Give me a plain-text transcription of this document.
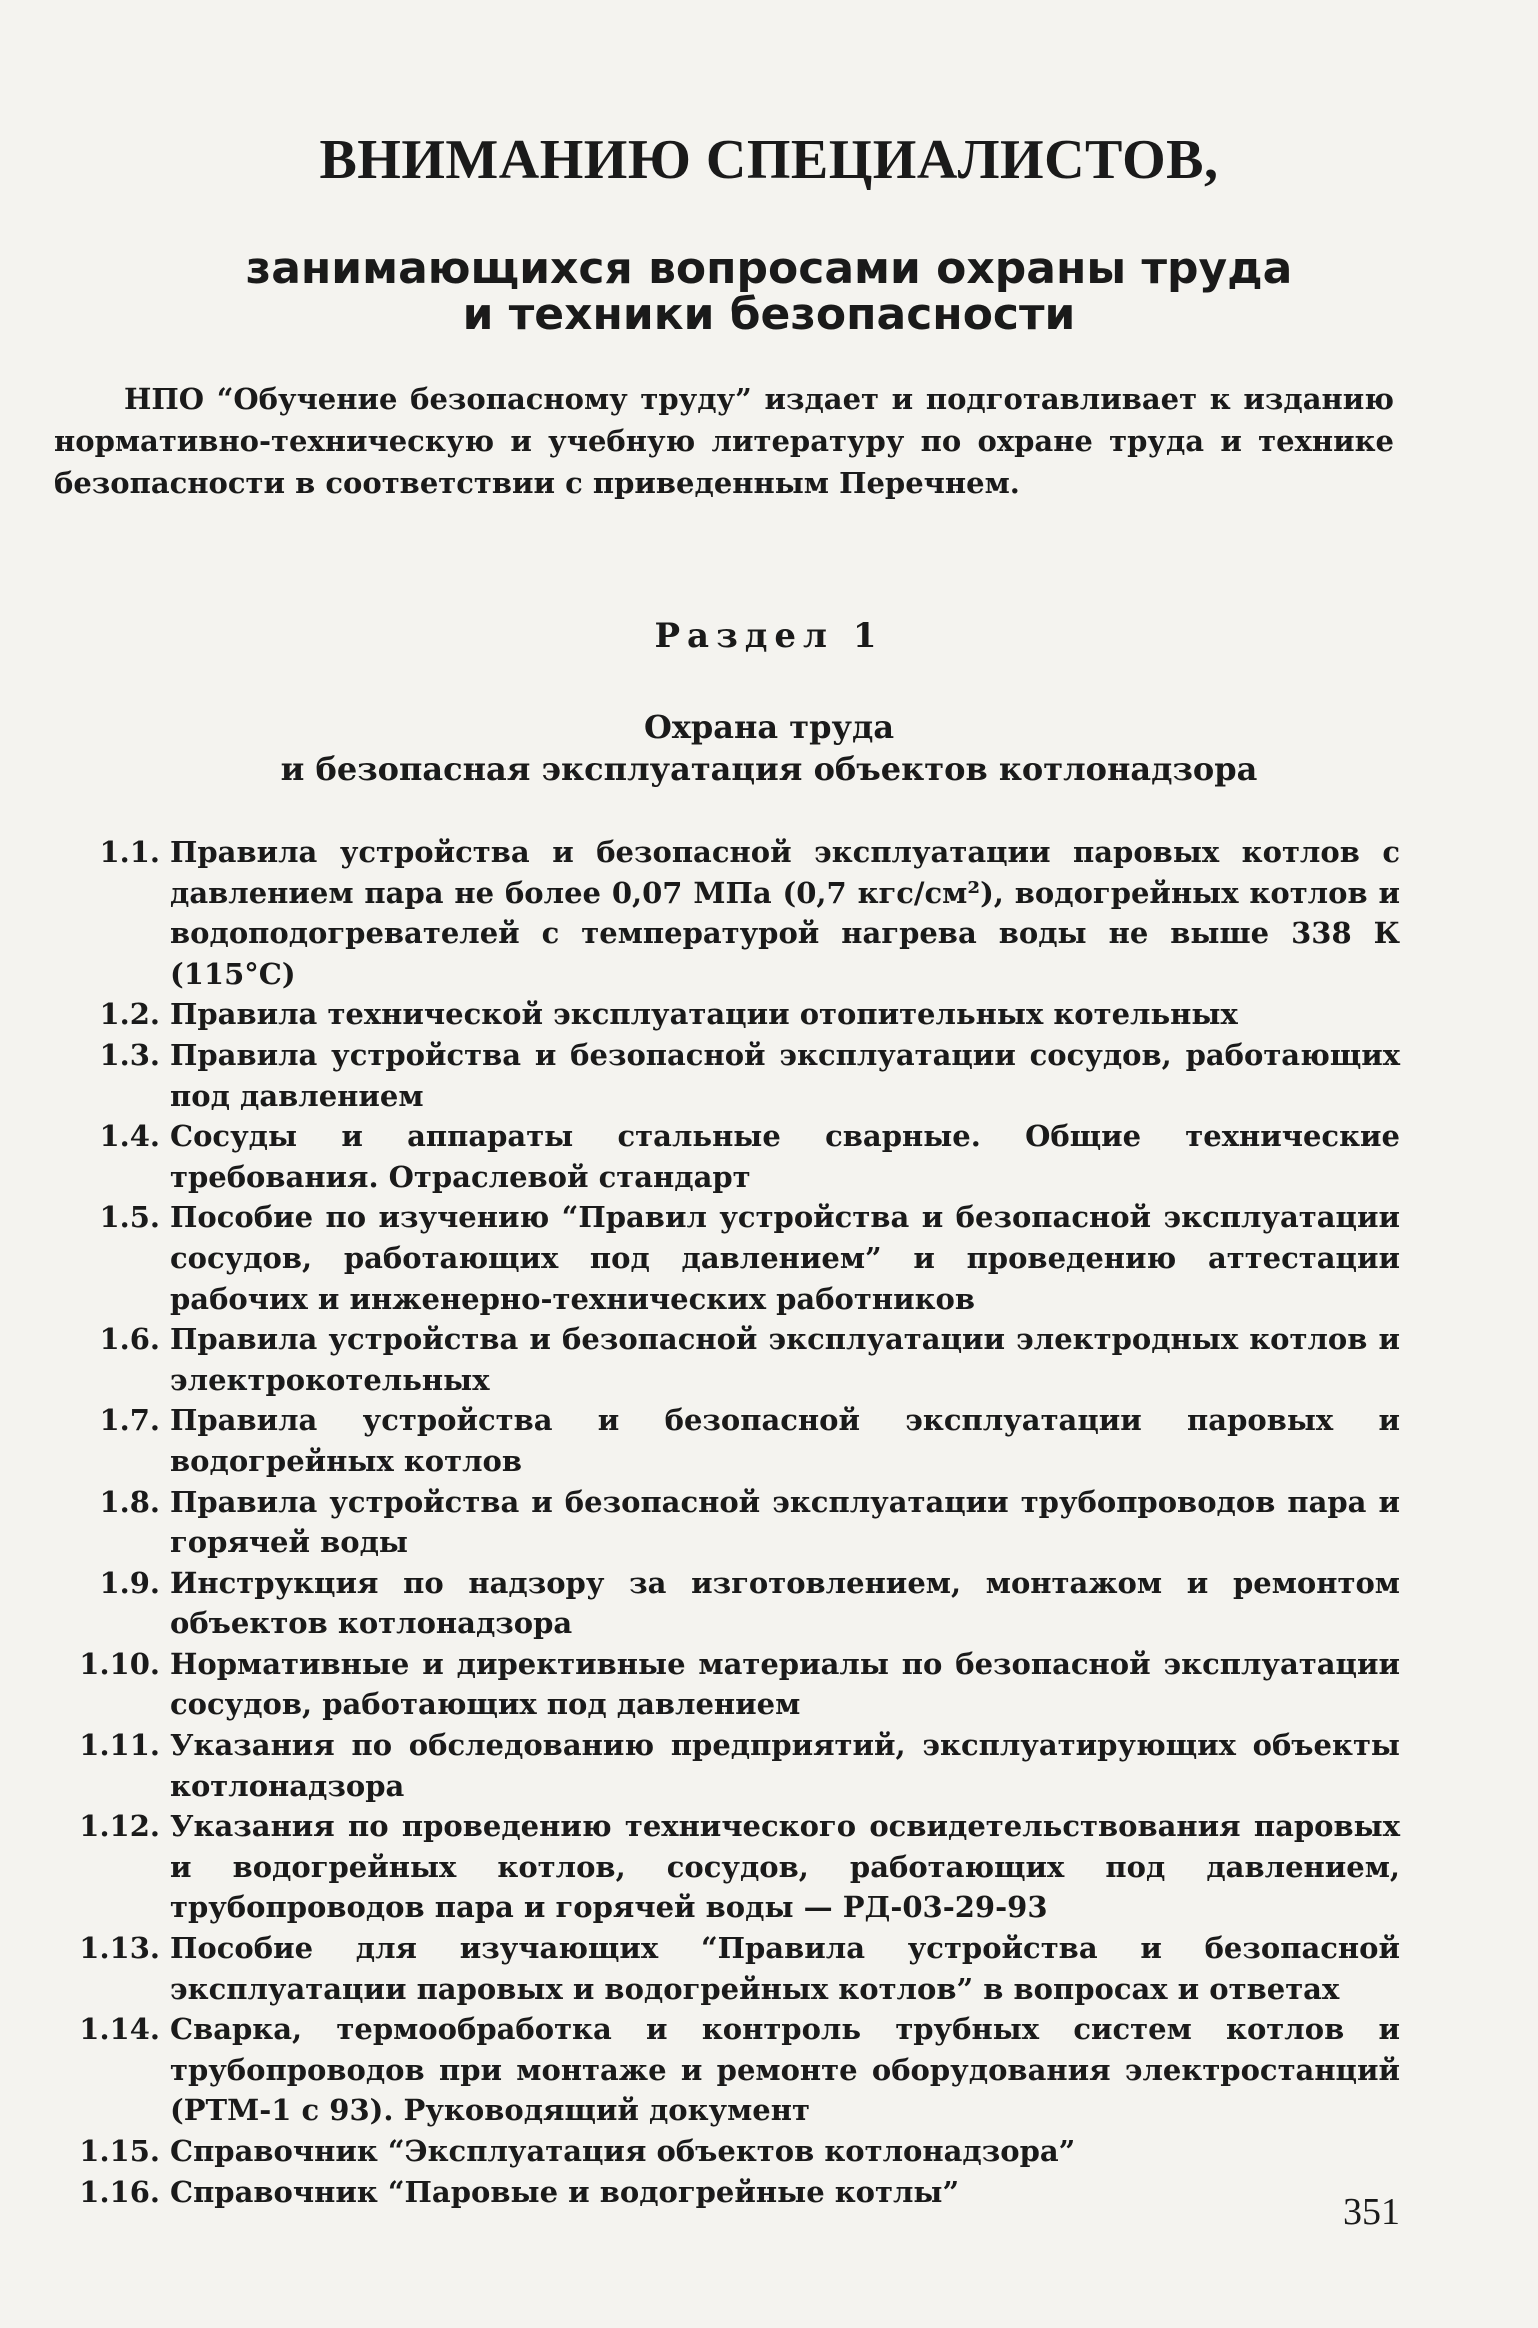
ВНИМАНИЮ СПЕЦИАЛИСТОВ,
занимающихся вопросами охраны труда
и техники безопасности

НПО “Обучение безопасному труду” издает и подготавливает к изданию нормативно-техническую и учебную литературу по охране труда и технике безопасности в соответствии с приведенным Перечнем.

Раздел 1
Охрана труда
и безопасная эксплуатация объектов котлонадзора
1.1. Правила устройства и безопасной эксплуатации паровых котлов с давлением пара не более 0,07 МПа (0,7 кгс/см²), водогрейных котлов и водоподогревателей с температурой нагрева воды не выше 338 К (115°С)
1.2. Правила технической эксплуатации отопительных котельных
1.3. Правила устройства и безопасной эксплуатации сосудов, работающих под давлением
1.4. Сосуды и аппараты стальные сварные. Общие технические требования. Отраслевой стандарт
1.5. Пособие по изучению “Правил устройства и безопасной эксплуатации сосудов, работающих под давлением” и проведению аттестации рабочих и инженерно-технических работников
1.6. Правила устройства и безопасной эксплуатации электродных котлов и электрокотельных
1.7. Правила устройства и безопасной эксплуатации паровых и водогрейных котлов
1.8. Правила устройства и безопасной эксплуатации трубопроводов пара и горячей воды
1.9. Инструкция по надзору за изготовлением, монтажом и ремонтом объектов котлонадзора
1.10. Нормативные и директивные материалы по безопасной эксплуатации сосудов, работающих под давлением
1.11. Указания по обследованию предприятий, эксплуатирующих объекты котлонадзора
1.12. Указания по проведению технического освидетельствования паровых и водогрейных котлов, сосудов, работающих под давлением, трубопроводов пара и горячей воды — РД-03-29-93
1.13. Пособие для изучающих “Правила устройства и безопасной эксплуатации паровых и водогрейных котлов” в вопросах и ответах
1.14. Сварка, термообработка и контроль трубных систем котлов и трубопроводов при монтаже и ремонте оборудования электростанций (РТМ-1 с 93). Руководящий документ
1.15. Справочник “Эксплуатация объектов котлонадзора”
1.16. Справочник “Паровые и водогрейные котлы”	351
